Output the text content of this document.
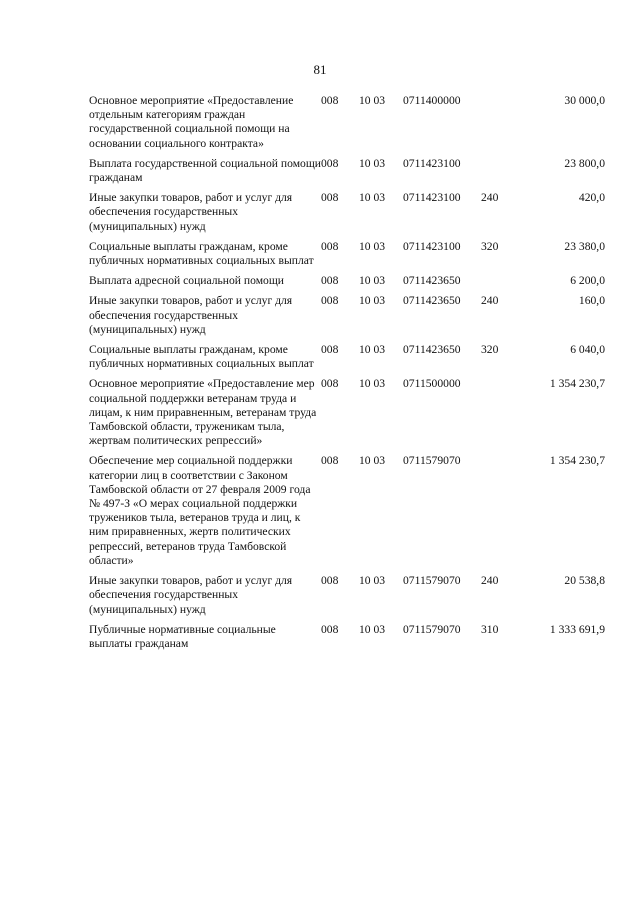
81
Основное мероприятие «Предоставление отдельным категориям граждан государственной социальной помощи на основании социального контракта»	008	10 03	0711400000		30 000,0
Выплата государственной социальной помощи гражданам	008	10 03	0711423100		23 800,0
Иные закупки товаров, работ и услуг для обеспечения государственных (муниципальных) нужд	008	10 03	0711423100	240	420,0
Социальные выплаты гражданам, кроме публичных нормативных социальных выплат	008	10 03	0711423100	320	23 380,0
Выплата адресной социальной помощи	008	10 03	0711423650		6 200,0
Иные закупки товаров, работ и услуг для обеспечения государственных (муниципальных) нужд	008	10 03	0711423650	240	160,0
Социальные выплаты гражданам, кроме публичных нормативных социальных выплат	008	10 03	0711423650	320	6 040,0
Основное мероприятие «Предоставление мер социальной поддержки ветеранам труда и лицам, к ним приравненным, ветеранам труда Тамбовской области, труженикам тыла, жертвам политических репрессий»	008	10 03	0711500000		1 354 230,7
Обеспечение мер социальной поддержки категории лиц в соответствии с Законом Тамбовской области от 27 февраля 2009 года № 497-З «О мерах социальной поддержки тружеников тыла, ветеранов труда и лиц, к ним приравненных, жертв политических репрессий, ветеранов труда Тамбовской области»	008	10 03	0711579070		1 354 230,7
Иные закупки товаров, работ и услуг для обеспечения государственных (муниципальных) нужд	008	10 03	0711579070	240	20 538,8
Публичные нормативные социальные выплаты гражданам	008	10 03	0711579070	310	1 333 691,9
